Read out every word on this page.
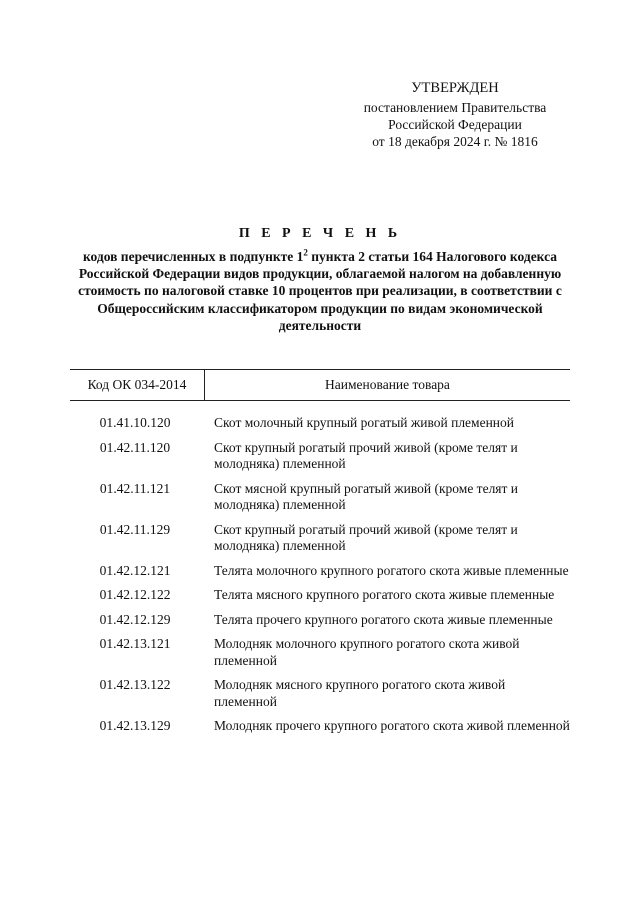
УТВЕРЖДЕН
постановлением Правительства
Российской Федерации
от 18 декабря 2024 г. № 1816
П Е Р Е Ч Е Н Ь
кодов перечисленных в подпункте $1^2$ пункта 2 статьи 164 Налогового кодекса Российской Федерации видов продукции, облагаемой налогом на добавленную стоимость по налоговой ставке 10 процентов при реализации, в соответствии с Общероссийским классификатором продукции по видам экономической деятельности
Код ОК 034-2014	Наименование товара
01.41.10.120	Скот молочный крупный рогатый живой племенной
01.42.11.120	Скот крупный рогатый прочий живой (кроме телят и молодняка) племенной
01.42.11.121	Скот мясной крупный рогатый живой (кроме телят и молодняка) племенной
01.42.11.129	Скот крупный рогатый прочий живой (кроме телят и молодняка) племенной
01.42.12.121	Телята молочного крупного рогатого скота живые племенные
01.42.12.122	Телята мясного крупного рогатого скота живые племенные
01.42.12.129	Телята прочего крупного рогатого скота живые племенные
01.42.13.121	Молодняк молочного крупного рогатого скота живой племенной
01.42.13.122	Молодняк мясного крупного рогатого скота живой племенной
01.42.13.129	Молодняк прочего крупного рогатого скота живой племенной
